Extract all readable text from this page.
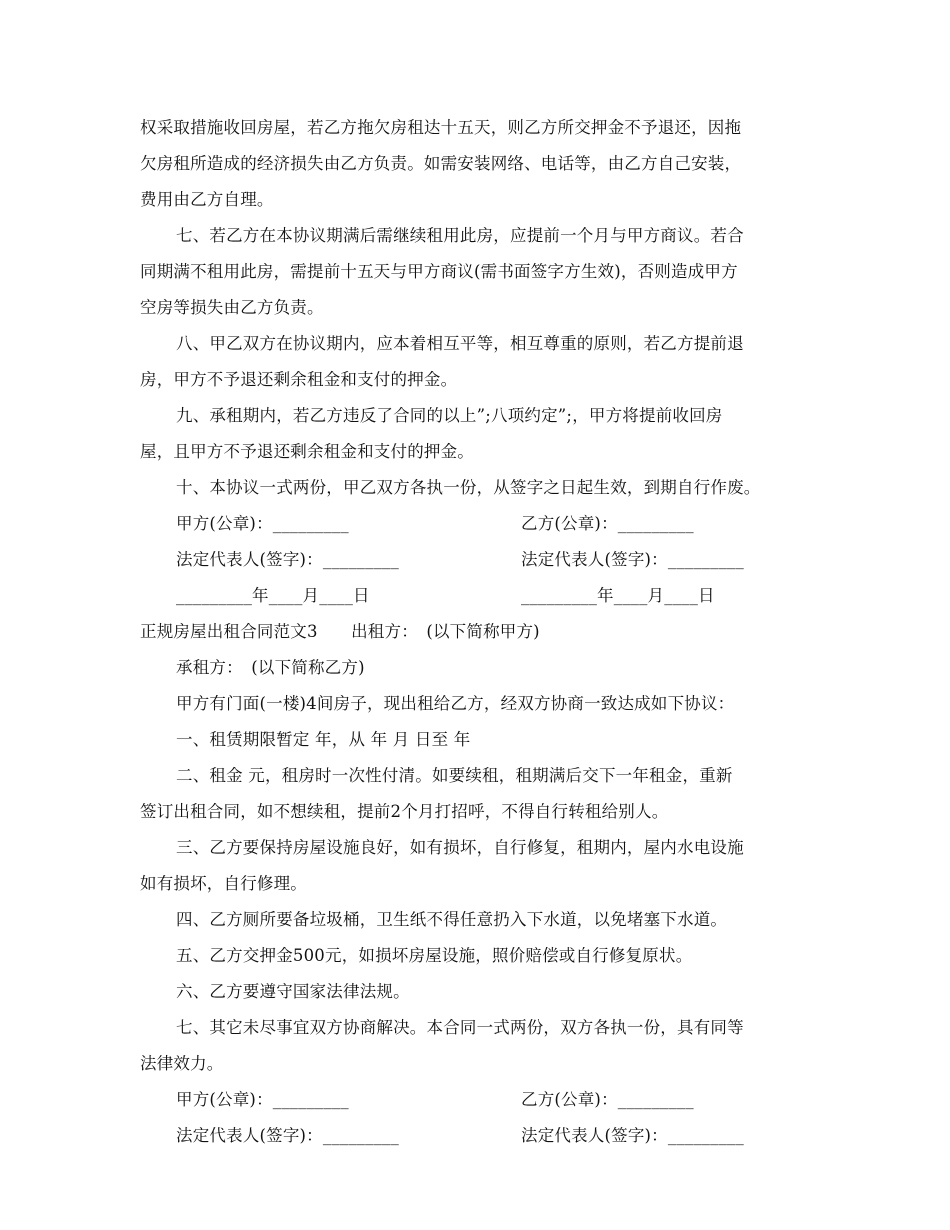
权采取措施收回房屋，若乙方拖欠房租达十五天，则乙方所交押金不予退还，因拖
欠房租所造成的经济损失由乙方负责。如需安装网络、电话等，由乙方自己安装，
费用由乙方自理。
七、若乙方在本协议期满后需继续租用此房，应提前一个月与甲方商议。若合
同期满不租用此房，需提前十五天与甲方商议(需书面签字方生效)，否则造成甲方
空房等损失由乙方负责。
八、甲乙双方在协议期内，应本着相互平等，相互尊重的原则，若乙方提前退
房，甲方不予退还剩余租金和支付的押金。
九、承租期内，若乙方违反了合同的以上”;八项约定”;，甲方将提前收回房
屋，且甲方不予退还剩余租金和支付的押金。
十、本协议一式两份，甲乙双方各执一份，从签字之日起生效，到期自行作废。
甲方(公章)：_________	乙方(公章)：_________
法定代表人(签字)：_________	法定代表人(签字)：_________
_________年____月____日	_________年____月____日
正规房屋出租合同范文3　　出租方：　(以下简称甲方)
承租方：　(以下简称乙方)
甲方有门面(一楼)4间房子，现出租给乙方，经双方协商一致达成如下协议：
一、租赁期限暂定 年，从 年 月 日至 年
二、租金 元，租房时一次性付清。如要续租，租期满后交下一年租金，重新
签订出租合同，如不想续租，提前2个月打招呼，不得自行转租给别人。
三、乙方要保持房屋设施良好，如有损坏，自行修复，租期内，屋内水电设施
如有损坏，自行修理。
四、乙方厕所要备垃圾桶，卫生纸不得任意扔入下水道，以免堵塞下水道。
五、乙方交押金500元，如损坏房屋设施，照价赔偿或自行修复原状。
六、乙方要遵守国家法律法规。
七、其它未尽事宜双方协商解决。本合同一式两份，双方各执一份，具有同等
法律效力。
甲方(公章)：_________	乙方(公章)：_________
法定代表人(签字)：_________	法定代表人(签字)：_________
